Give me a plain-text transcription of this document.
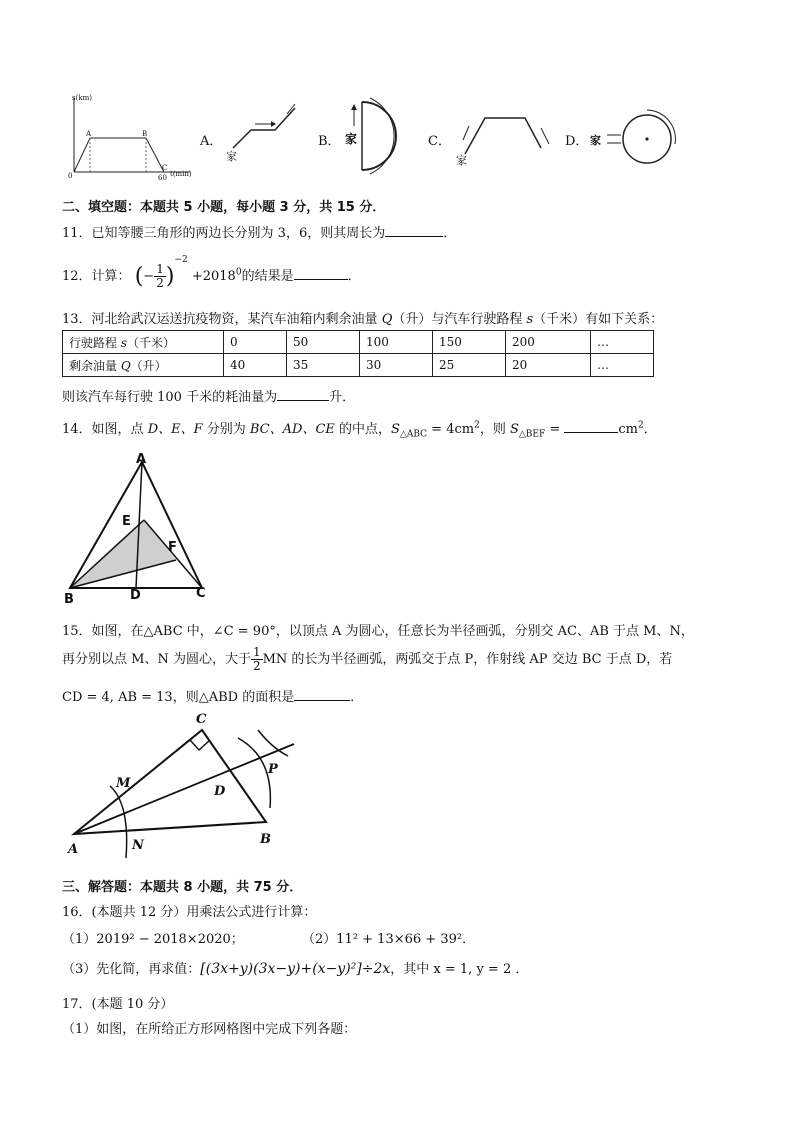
s(km)
t(min)
A	B
C
0	60
A．
家
B． 家	C．
家
D． 家
二、填空题：本题共 5 小题，每小题 3 分，共 15 分．
11．已知等腰三角形的两边长分别为 3，6，则其周长为	．
12．计算： (− $\frac{1}{2} )^{-2} +2018^0$的结果是	．
13．河北给武汉运送抗疫物资，某汽车油箱内剩余油量 Q（升）与汽车行驶路程 s（千米）有如下关系：
行驶路程 s（千米）	0	50	100	150	200	…
剩余油量 Q（升）	40	35	30	25	20	…
则该汽车每行驶 100 千米的耗油量为	升．
14．如图，点 D、E、F 分别为 BC、AD、CE 的中点，$S_{\triangle ABC} = 4cm^2$，则 $S_{\triangle BEF}$ =	$cm^2$．
A
E
F
B	D	C
15．如图，在△ABC 中，∠C = 90°，以顶点 A 为圆心，任意长为半径画弧，分别交 AC、AB 于点 M、N，
再分别以点 M、N 为圆心，大于 $\frac{1}{2}$ MN 的长为半径画弧，两弧交于点 P，作射线 AP 交边 BC 于点 D，若
CD = 4, AB = 13，则△ABD 的面积是	．
C
M
D
P
A	N	B
三、解答题：本题共 8 小题，共 75 分．
16．(本题共 12 分）用乘法公式进行计算：
（1）2019² − 2018×2020；	（2）11² + 13×66 + 39²．
（3）先化简，再求值：[(3x+y)(3x−y)+(x−y)²]÷2x，其中 x = 1, y = 2 ．
17．(本题 10 分）
（1）如图，在所给正方形网格图中完成下列各题：
